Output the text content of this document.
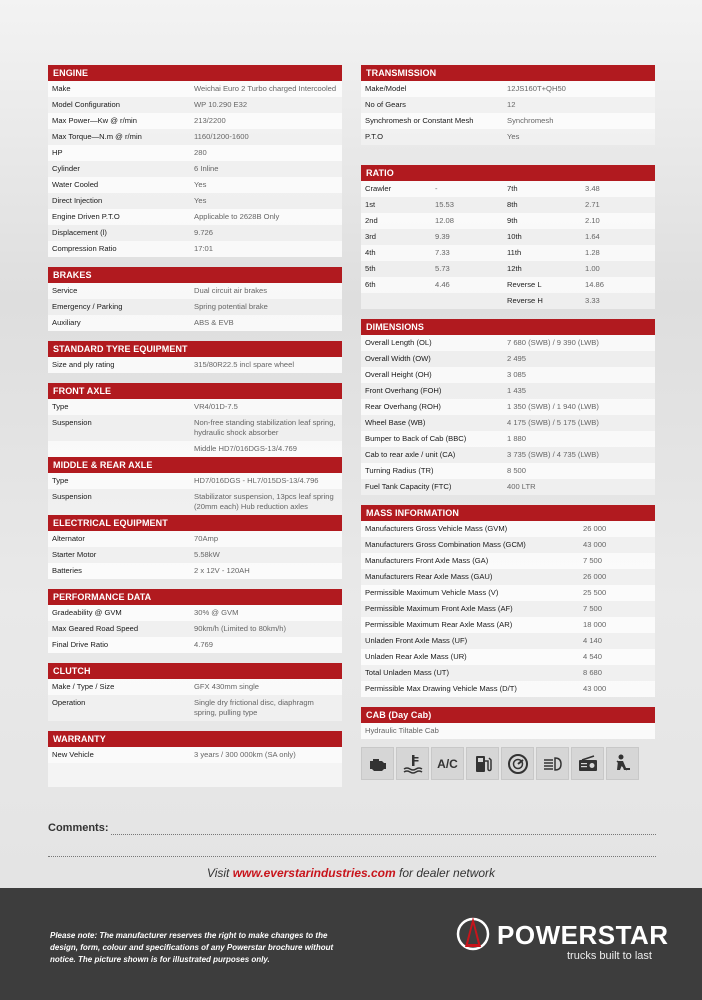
ENGINE
Make	Weichai Euro 2 Turbo charged Intercooled
Model Configuration	WP 10.290 E32
Max Power—Kw @ r/min	213/2200
Max Torque—N.m @ r/min	1160/1200-1600
HP	280
Cylinder	6 Inline
Water Cooled	Yes
Direct Injection	Yes
Engine Driven P.T.O	Applicable to 2628B Only
Displacement (l)	9.726
Compression Ratio	17:01
BRAKES
Service	Dual circuit air brakes
Emergency / Parking	Spring potential brake
Auxiliary	ABS & EVB
STANDARD TYRE EQUIPMENT
Size and ply rating	315/80R22.5 incl spare wheel
FRONT AXLE
Type	VR4/01D-7.5
Suspension	Non-free standing stabilization leaf spring, hydraulic shock absorber
Middle HD7/016DGS-13/4.769
MIDDLE & REAR AXLE
Type	HD7/016DGS - HL7/015DS-13/4.796
Suspension	Stabilizator suspension, 13pcs leaf spring (20mm each) Hub reduction axles
ELECTRICAL EQUIPMENT
Alternator	70Amp
Starter Motor	5.58kW
Batteries	2 x 12V - 120AH
PERFORMANCE DATA
Gradeability @ GVM	30% @ GVM
Max Geared Road Speed	90km/h (Limited to 80km/h)
Final Drive Ratio	4.769
CLUTCH
Make / Type / Size	GFX 430mm single
Operation	Single dry frictional disc, diaphragm spring, pulling type
WARRANTY
New Vehicle	3 years / 300 000km (SA only)
TRANSMISSION
Make/Model	12JS160T+QH50
No of Gears	12
Synchromesh or Constant Mesh	Synchromesh
P.T.O	Yes
RATIO
Crawler	-	7th	3.48
1st	15.53	8th	2.71
2nd	12.08	9th	2.10
3rd	9.39	10th	1.64
4th	7.33	11th	1.28
5th	5.73	12th	1.00
6th	4.46	Reverse L	14.86
Reverse H	3.33
DIMENSIONS
Overall Length (OL)	7 680 (SWB) / 9 390 (LWB)
Overall Width (OW)	2 495
Overall Height (OH)	3 085
Front Overhang (FOH)	1 435
Rear Overhang (ROH)	1 350 (SWB) / 1 940 (LWB)
Wheel Base (WB)	4 175 (SWB) / 5 175 (LWB)
Bumper to Back of Cab (BBC)	1 880
Cab to rear axle / unit (CA)	3 735 (SWB) / 4 735 (LWB)
Turning Radius (TR)	8 500
Fuel Tank Capacity (FTC)	400 LTR
MASS INFORMATION
Manufacturers Gross Vehicle Mass (GVM)	26 000
Manufacturers Gross Combination Mass (GCM)	43 000
Manufacturers Front Axle Mass (GA)	7 500
Manufacturers Rear Axle Mass (GAU)	26 000
Permissible Maximum Vehicle Mass (V)	25 500
Permissible Maximum Front Axle Mass (AF)	7 500
Permissible Maximum Rear Axle Mass (AR)	18 000
Unladen Front Axle Mass (UF)	4 140
Unladen Rear Axle Mass (UR)	4 540
Total Unladen Mass (UT)	8 680
Permissible Max Drawing Vehicle Mass (D/T)	43 000
CAB (Day Cab)
Hydraulic Tiltable Cab
A/C
Comments:
Visit www.everstarindustries.com for dealer network
Please note: The manufacturer reserves the right to make changes to the design, form, colour and specifications of any Powerstar brochure without notice. The picture shown is for illustrated purposes only.
POWERSTAR
trucks built to last
